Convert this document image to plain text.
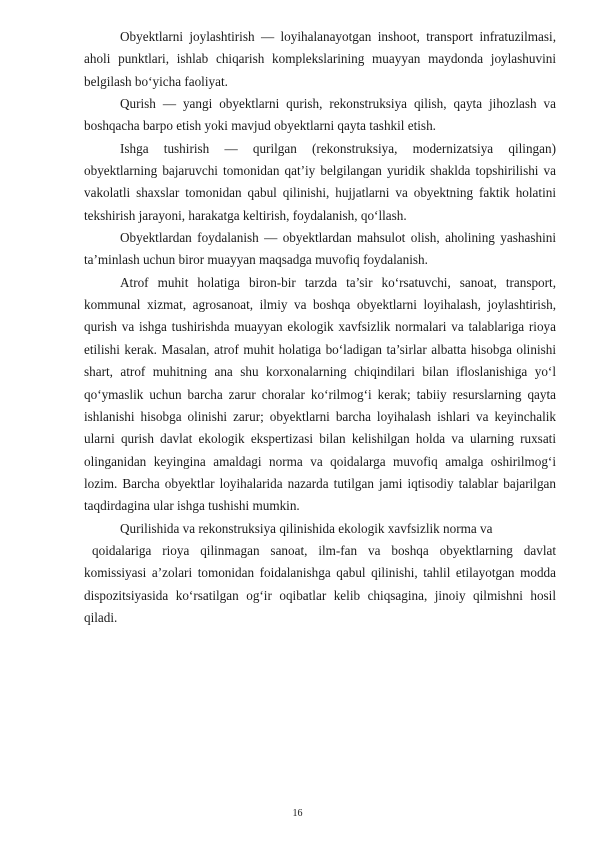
Obyektlarni joylashtirish — loyihalanayotgan inshoot, transport infratuzilmasi, aholi punktlari, ishlab chiqarish komplekslarining muayyan maydonda joylashuvini belgilash bo‘yicha faoliyat.

Qurish — yangi obyektlarni qurish, rekonstruksiya qilish, qayta jihozlash va boshqacha barpo etish yoki mavjud obyektlarni qayta tashkil etish.

Ishga tushirish — qurilgan (rekonstruksiya, modernizatsiya qilingan) obyektlarning bajaruvchi tomonidan qat’iy belgilangan yuridik shaklda topshirilishi va vakolatli shaxslar tomonidan qabul qilinishi, hujjatlarni va obyektning faktik holatini tekshirish jarayoni, harakatga keltirish, foydalanish, qo‘llash.

Obyektlardan foydalanish — obyektlardan mahsulot olish, aholining yashashini ta’minlash uchun biror muayyan maqsadga muvofiq foydalanish.

Atrof muhit holatiga biron-bir tarzda ta’sir ko‘rsatuvchi, sanoat, transport, kommunal xizmat, agrosanoat, ilmiy va boshqa obyektlarni loyihalash, joylashtirish, qurish va ishga tushirishda muayyan ekologik xavfsizlik normalari va talablariga rioya etilishi kerak. Masalan, atrof muhit holatiga bo‘ladigan ta’sirlar albatta hisobga olinishi shart, atrof muhitning ana shu korxonalarning chiqindilari bilan ifloslanishiga yo‘l qo‘ymaslik uchun barcha zarur choralar ko‘rilmog‘i kerak; tabiiy resurslarning qayta ishlanishi hisobga olinishi zarur; obyektlarni barcha loyihalash ishlari va keyinchalik ularni qurish davlat ekologik ekspertizasi bilan kelishilgan holda va ularning ruxsati olinganidan keyingina amaldagi norma va qoidalarga muvofiq amalga oshirilmog‘i lozim. Barcha obyektlar loyihalarida nazarda tutilgan jami iqtisodiy talablar bajarilgan taqdirdagina ular ishga tushishi mumkin.

Qurilishida va rekonstruksiya qilinishida ekologik xavfsizlik norma va

qoidalariga rioya qilinmagan sanoat, ilm-fan va boshqa obyektlarning davlat komissiyasi a’zolari tomonidan foidalanishga qabul qilinishi, tahlil etilayotgan modda dispozitsiyasida ko‘rsatilgan og‘ir oqibatlar kelib chiqsagina, jinoiy qilmishni hosil qiladi.

16
